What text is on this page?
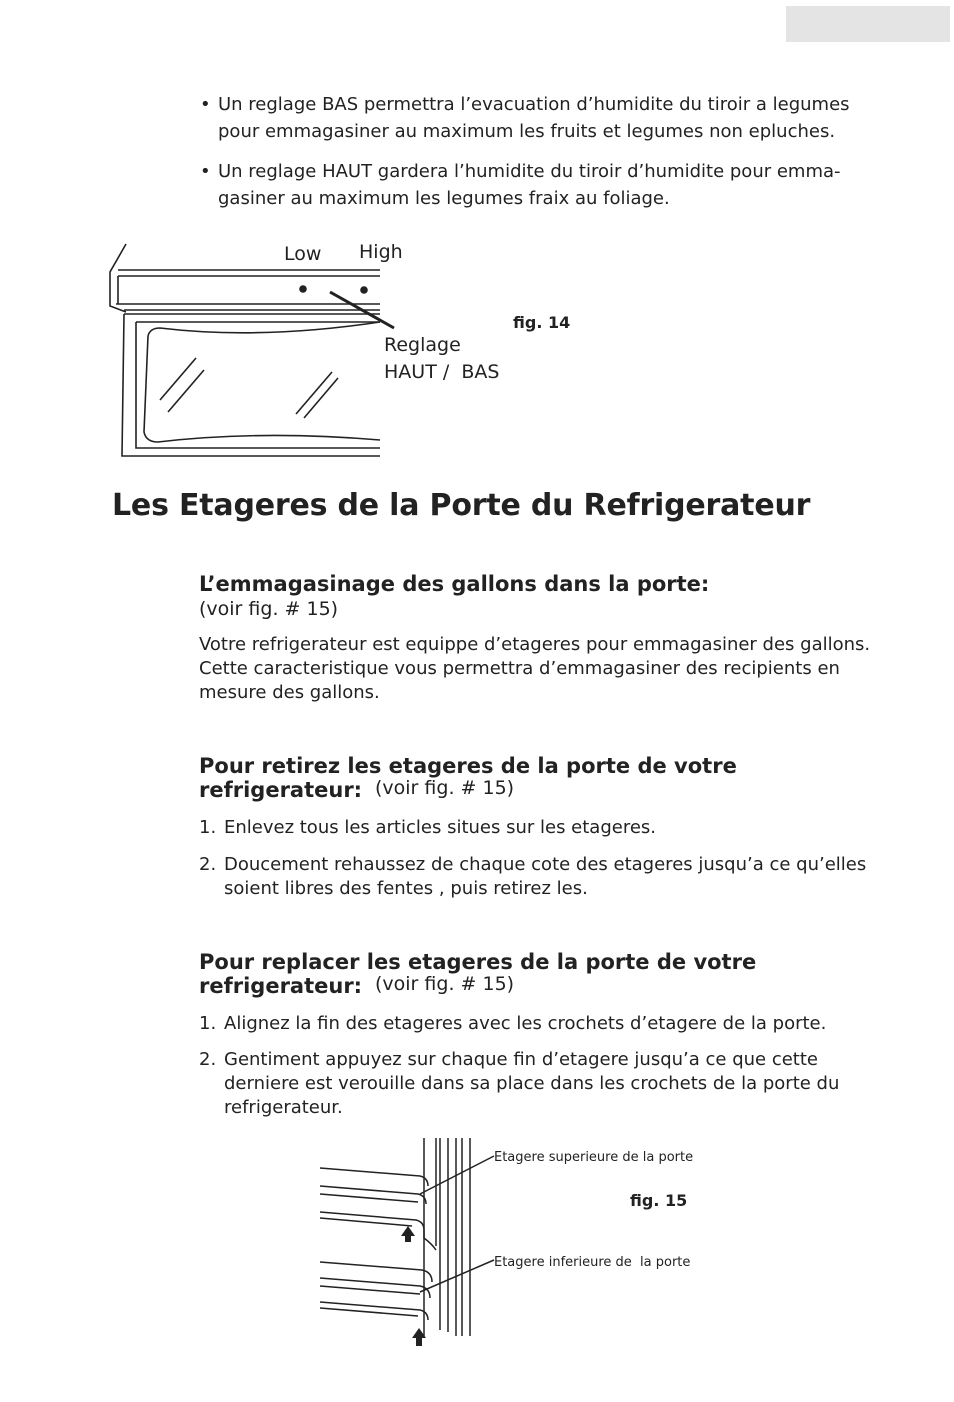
• Un reglage BAS permettra l’evacuation d’humidite du tiroir a legumes pour emmagasiner au maximum les fruits et legumes non epluches.
• Un reglage HAUT gardera l’humidite du tiroir d’humidite pour emma-gasiner au maximum les legumes fraix au foliage.
Low High
fig. 14
Reglage
HAUT /  BAS
Les Etageres de la Porte du Refrigerateur
L’emmagasinage des gallons dans la porte:
(voir fig. # 15)
Votre refrigerateur est equippe d’etageres pour emmagasiner des gallons. Cette caracteristique vous permettra d’emmagasiner des recipients en mesure des gallons.
Pour retirez les etageres de la porte de votre refrigerateur: (voir fig. # 15)
1. Enlevez tous les articles situes sur les etageres.
2. Doucement rehaussez de chaque cote des etageres jusqu’a ce qu’elles soient libres des fentes , puis retirez les.
Pour replacer les etageres de la porte de votre refrigerateur: (voir fig. # 15)
1. Alignez la fin des etageres avec les crochets d’etagere de la porte.
2. Gentiment appuyez sur chaque fin d’etagere jusqu’a ce que cette derniere est verouille dans sa place dans les crochets de la porte du refrigerateur.
Etagere superieure de la porte
fig. 15
Etagere inferieure de  la porte
